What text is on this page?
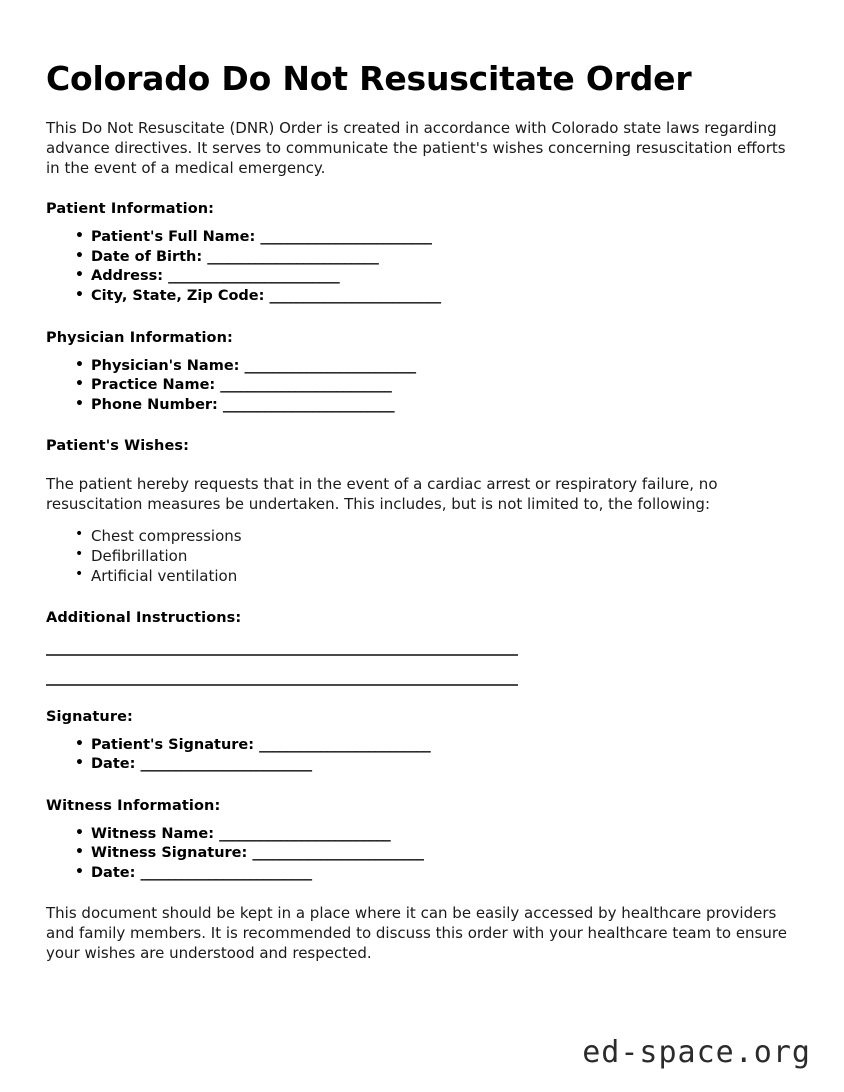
Colorado Do Not Resuscitate Order

This Do Not Resuscitate (DNR) Order is created in accordance with Colorado state laws regarding advance directives. It serves to communicate the patient's wishes concerning resuscitation efforts in the event of a medical emergency.

Patient Information:
• Patient's Full Name: _________________________
• Date of Birth: _________________________
• Address: _________________________
• City, State, Zip Code: _________________________
Physician Information:
• Physician's Name: _________________________
• Practice Name: _________________________
• Phone Number: _________________________
Patient's Wishes:

The patient hereby requests that in the event of a cardiac arrest or respiratory failure, no resuscitation measures be undertaken. This includes, but is not limited to, the following:

• Chest compressions
• Defibrillation
• Artificial ventilation
Additional Instructions:
Signature:
• Patient's Signature: _________________________
• Date: _________________________
Witness Information:
• Witness Name: _________________________
• Witness Signature: _________________________
• Date: _________________________

This document should be kept in a place where it can be easily accessed by healthcare providers and family members. It is recommended to discuss this order with your healthcare team to ensure your wishes are understood and respected.

ed-space.org
